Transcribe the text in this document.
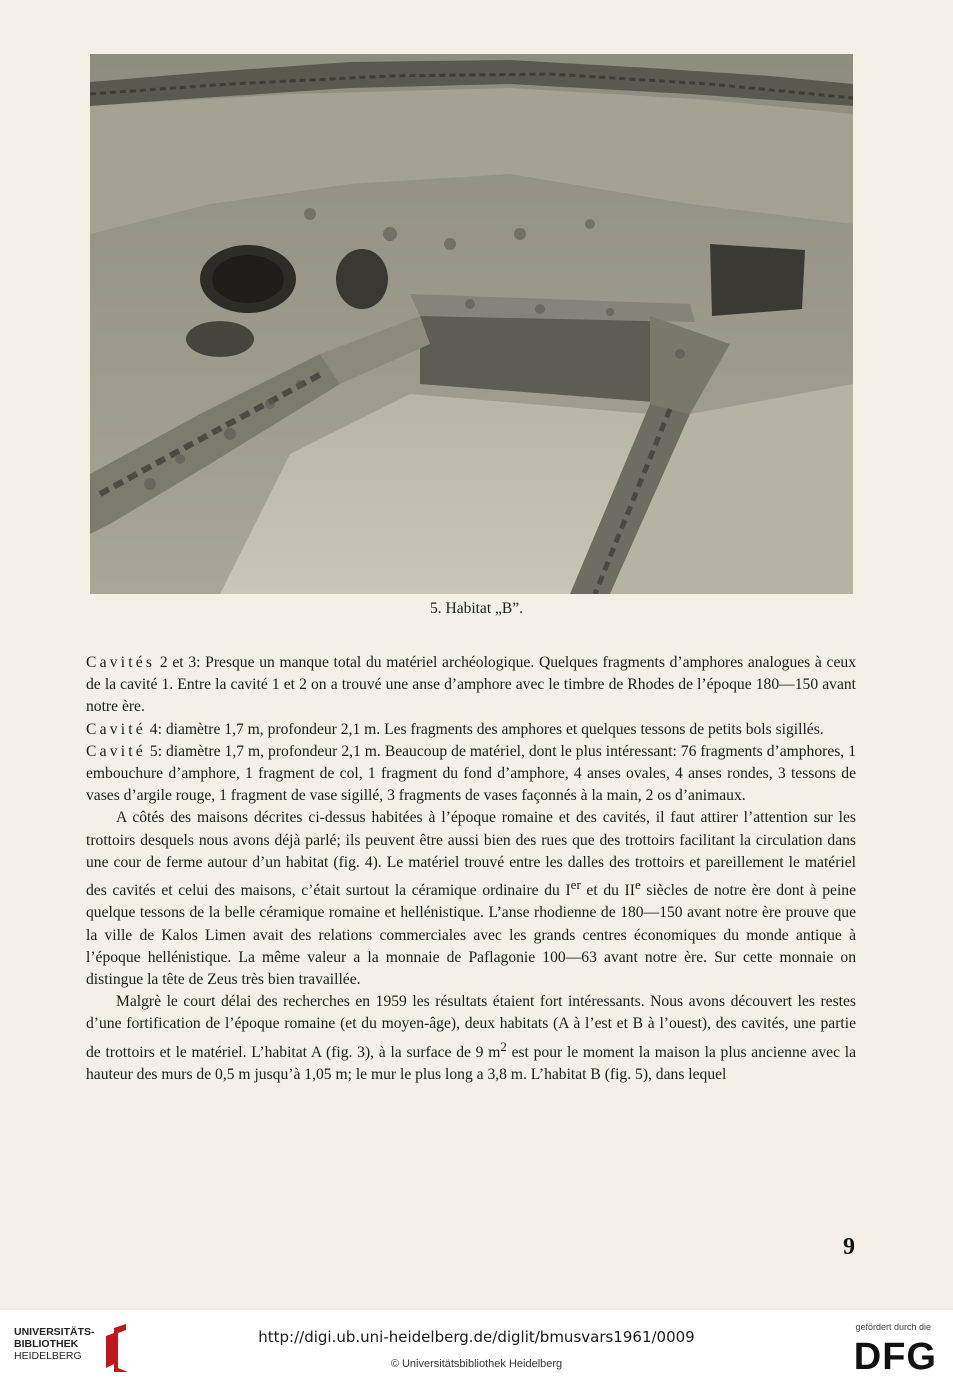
5. Habitat „B”.

Cavités 2 et 3: Presque un manque total du matériel archéologique. Quelques fragments d’amphores analogues à ceux de la cavité 1. Entre la cavité 1 et 2 on a trouvé une anse d’amphore avec le timbre de Rhodes de l’époque 180—150 avant notre ère.

Cavité 4: diamètre 1,7 m, profondeur 2,1 m. Les fragments des amphores et quelques tessons de petits bols sigillés.

Cavité 5: diamètre 1,7 m, profondeur 2,1 m. Beaucoup de matériel, dont le plus intéressant: 76 fragments d’amphores, 1 embouchure d’amphore, 1 fragment de col, 1 fragment du fond d’amphore, 4 anses ovales, 4 anses rondes, 3 tessons de vases d’argile rouge, 1 fragment de vase sigillé, 3 fragments de vases façonnés à la main, 2 os d’animaux.

A côtés des maisons décrites ci-dessus habitées à l’époque romaine et des cavités, il faut attirer l’attention sur les trottoirs desquels nous avons déjà parlé; ils peuvent être aussi bien des rues que des trottoirs facilitant la circulation dans une cour de ferme autour d’un habitat (fig. 4). Le matériel trouvé entre les dalles des trottoirs et pareillement le matériel des cavités et celui des maisons, c’était surtout la céramique ordinaire du Ier et du IIe siècles de notre ère dont à peine quelque tessons de la belle céramique romaine et hellénistique. L’anse rhodienne de 180—150 avant notre ère prouve que la ville de Kalos Limen avait des relations commerciales avec les grands centres économiques du monde antique à l’époque hellénistique. La même valeur a la monnaie de Paflagonie 100—63 avant notre ère. Sur cette monnaie on distingue la tête de Zeus très bien travaillée.

Malgrè le court délai des recherches en 1959 les résultats étaient fort intéressants. Nous avons découvert les restes d’une fortification de l’époque romaine (et du moyen-âge), deux habitats (A à l’est et B à l’ouest), des cavités, une partie de trottoirs et le matériel. L’habitat A (fig. 3), à la surface de 9 $m^2$ est pour le moment la maison la plus ancienne avec la hauteur des murs de 0,5 m jusqu’à 1,05 m; le mur le plus long a 3,8 m. L’habitat B (fig. 5), dans lequel

9
UNIVERSITÄTS-
BIBLIOTHEK
HEIDELBERG
http://digi.ub.uni-heidelberg.de/diglit/bmusvars1961/0009
© Universitätsbibliothek Heidelberg
gefördert durch die
DFG
